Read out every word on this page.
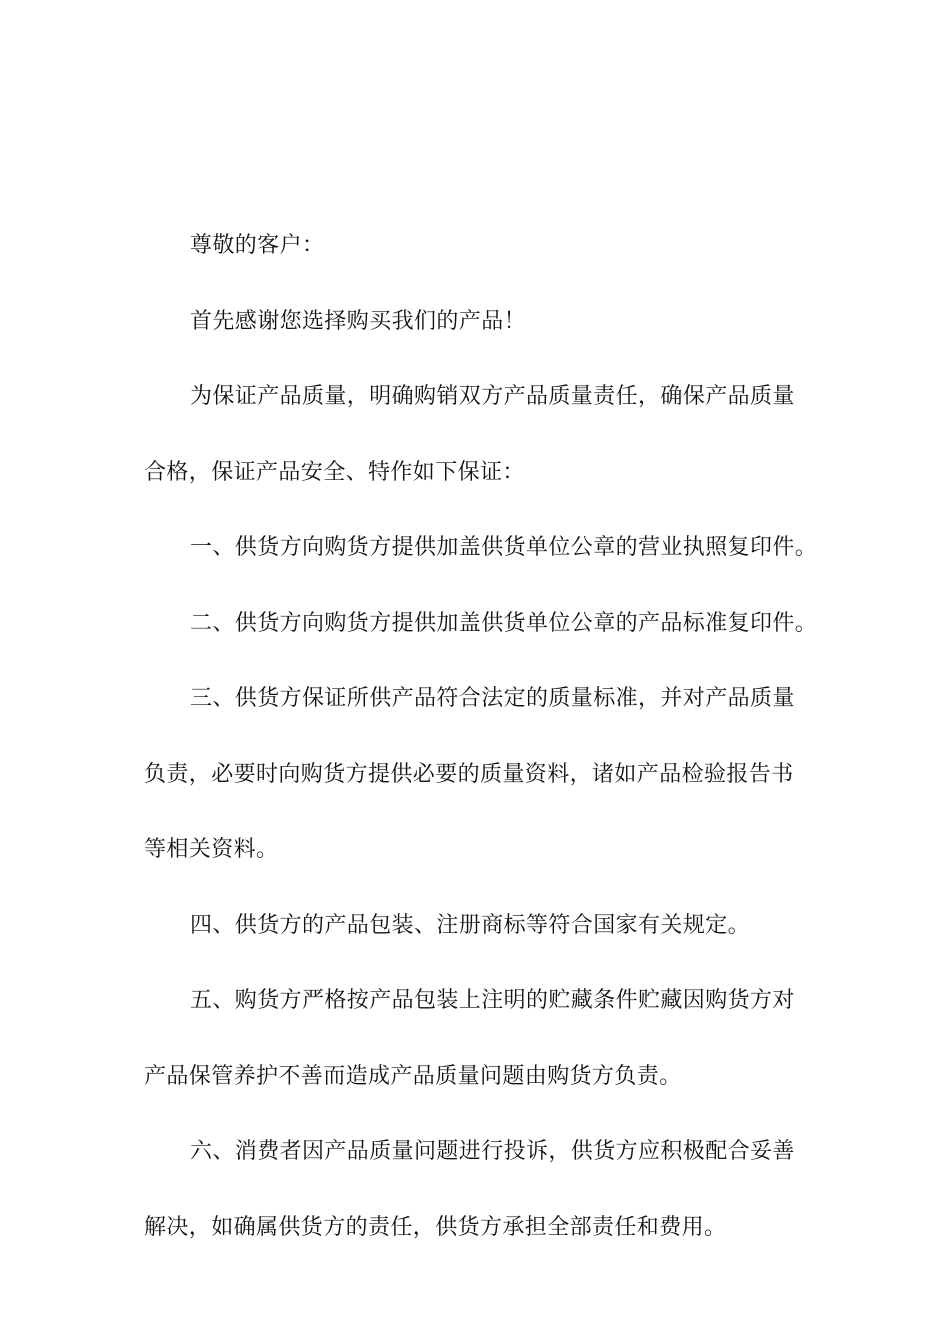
尊敬的客户：
首先感谢您选择购买我们的产品！
为保证产品质量，明确购销双方产品质量责任，确保产品质量
合格，保证产品安全、特作如下保证：
一、供货方向购货方提供加盖供货单位公章的营业执照复印件。
二、供货方向购货方提供加盖供货单位公章的产品标准复印件。
三、供货方保证所供产品符合法定的质量标准，并对产品质量
负责，必要时向购货方提供必要的质量资料，诸如产品检验报告书
等相关资料。
四、供货方的产品包装、注册商标等符合国家有关规定。
五、购货方严格按产品包装上注明的贮藏条件贮藏因购货方对
产品保管养护不善而造成产品质量问题由购货方负责。
六、消费者因产品质量问题进行投诉，供货方应积极配合妥善
解决，如确属供货方的责任，供货方承担全部责任和费用。
